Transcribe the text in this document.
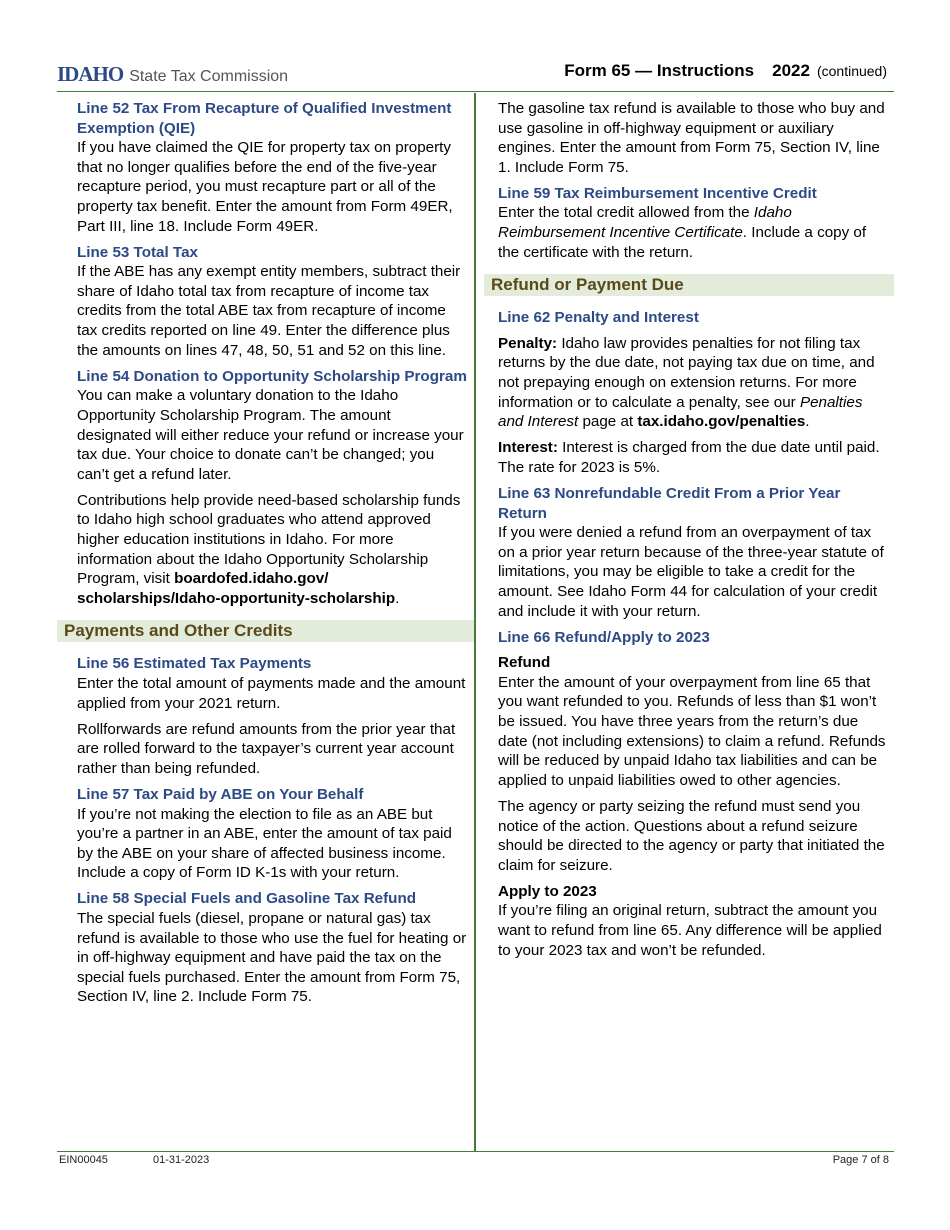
IDAHO State Tax Commission	Form 65 — Instructions 2022 (continued)
Line 52 Tax From Recapture of Qualified Investment Exemption (QIE)
If you have claimed the QIE for property tax on property that no longer qualifies before the end of the five-year recapture period, you must recapture part or all of the property tax benefit. Enter the amount from Form 49ER, Part III, line 18. Include Form 49ER.
Line 53 Total Tax
If the ABE has any exempt entity members, subtract their share of Idaho total tax from recapture of income tax credits from the total ABE tax from recapture of income tax credits reported on line 49. Enter the difference plus the amounts on lines 47, 48, 50, 51 and 52 on this line.
Line 54 Donation to Opportunity Scholarship Program
You can make a voluntary donation to the Idaho Opportunity Scholarship Program. The amount designated will either reduce your refund or increase your tax due. Your choice to donate can’t be changed; you can’t get a refund later.
Contributions help provide need-based scholarship funds to Idaho high school graduates who attend approved higher education institutions in Idaho. For more information about the Idaho Opportunity Scholarship Program, visit boardofed.idaho.gov/ scholarships/Idaho-opportunity-scholarship.
Payments and Other Credits
Line 56 Estimated Tax Payments
Enter the total amount of payments made and the amount applied from your 2021 return.
Rollforwards are refund amounts from the prior year that are rolled forward to the taxpayer’s current year account rather than being refunded.
Line 57 Tax Paid by ABE on Your Behalf
If you’re not making the election to file as an ABE but you’re a partner in an ABE, enter the amount of tax paid by the ABE on your share of affected business income. Include a copy of Form ID K-1s with your return.
Line 58 Special Fuels and Gasoline Tax Refund
The special fuels (diesel, propane or natural gas) tax refund is available to those who use the fuel for heating or in off-highway equipment and have paid the tax on the special fuels purchased. Enter the amount from Form 75, Section IV, line 2. Include Form 75.
The gasoline tax refund is available to those who buy and use gasoline in off-highway equipment or auxiliary engines. Enter the amount from Form 75, Section IV, line 1. Include Form 75.
Line 59 Tax Reimbursement Incentive Credit
Enter the total credit allowed from the Idaho Reimbursement Incentive Certificate. Include a copy of the certificate with the return.
Refund or Payment Due
Line 62 Penalty and Interest
Penalty: Idaho law provides penalties for not filing tax returns by the due date, not paying tax due on time, and not prepaying enough on extension returns. For more information or to calculate a penalty, see our Penalties and Interest page at tax.idaho.gov/penalties.
Interest: Interest is charged from the due date until paid. The rate for 2023 is 5%.
Line 63 Nonrefundable Credit From a Prior Year Return
If you were denied a refund from an overpayment of tax on a prior year return because of the three-year statute of limitations, you may be eligible to take a credit for the amount. See Idaho Form 44 for calculation of your credit and include it with your return.
Line 66 Refund/Apply to 2023
Refund
Enter the amount of your overpayment from line 65 that you want refunded to you. Refunds of less than $1 won’t be issued. You have three years from the return’s due date (not including extensions) to claim a refund. Refunds will be reduced by unpaid Idaho tax liabilities and can be applied to unpaid liabilities owed to other agencies.
The agency or party seizing the refund must send you notice of the action. Questions about a refund seizure should be directed to the agency or party that initiated the claim for seizure.
Apply to 2023
If you’re filing an original return, subtract the amount you want to refund from line 65. Any difference will be applied to your 2023 tax and won’t be refunded.
EIN00045	01-31-2023	Page 7 of 8
